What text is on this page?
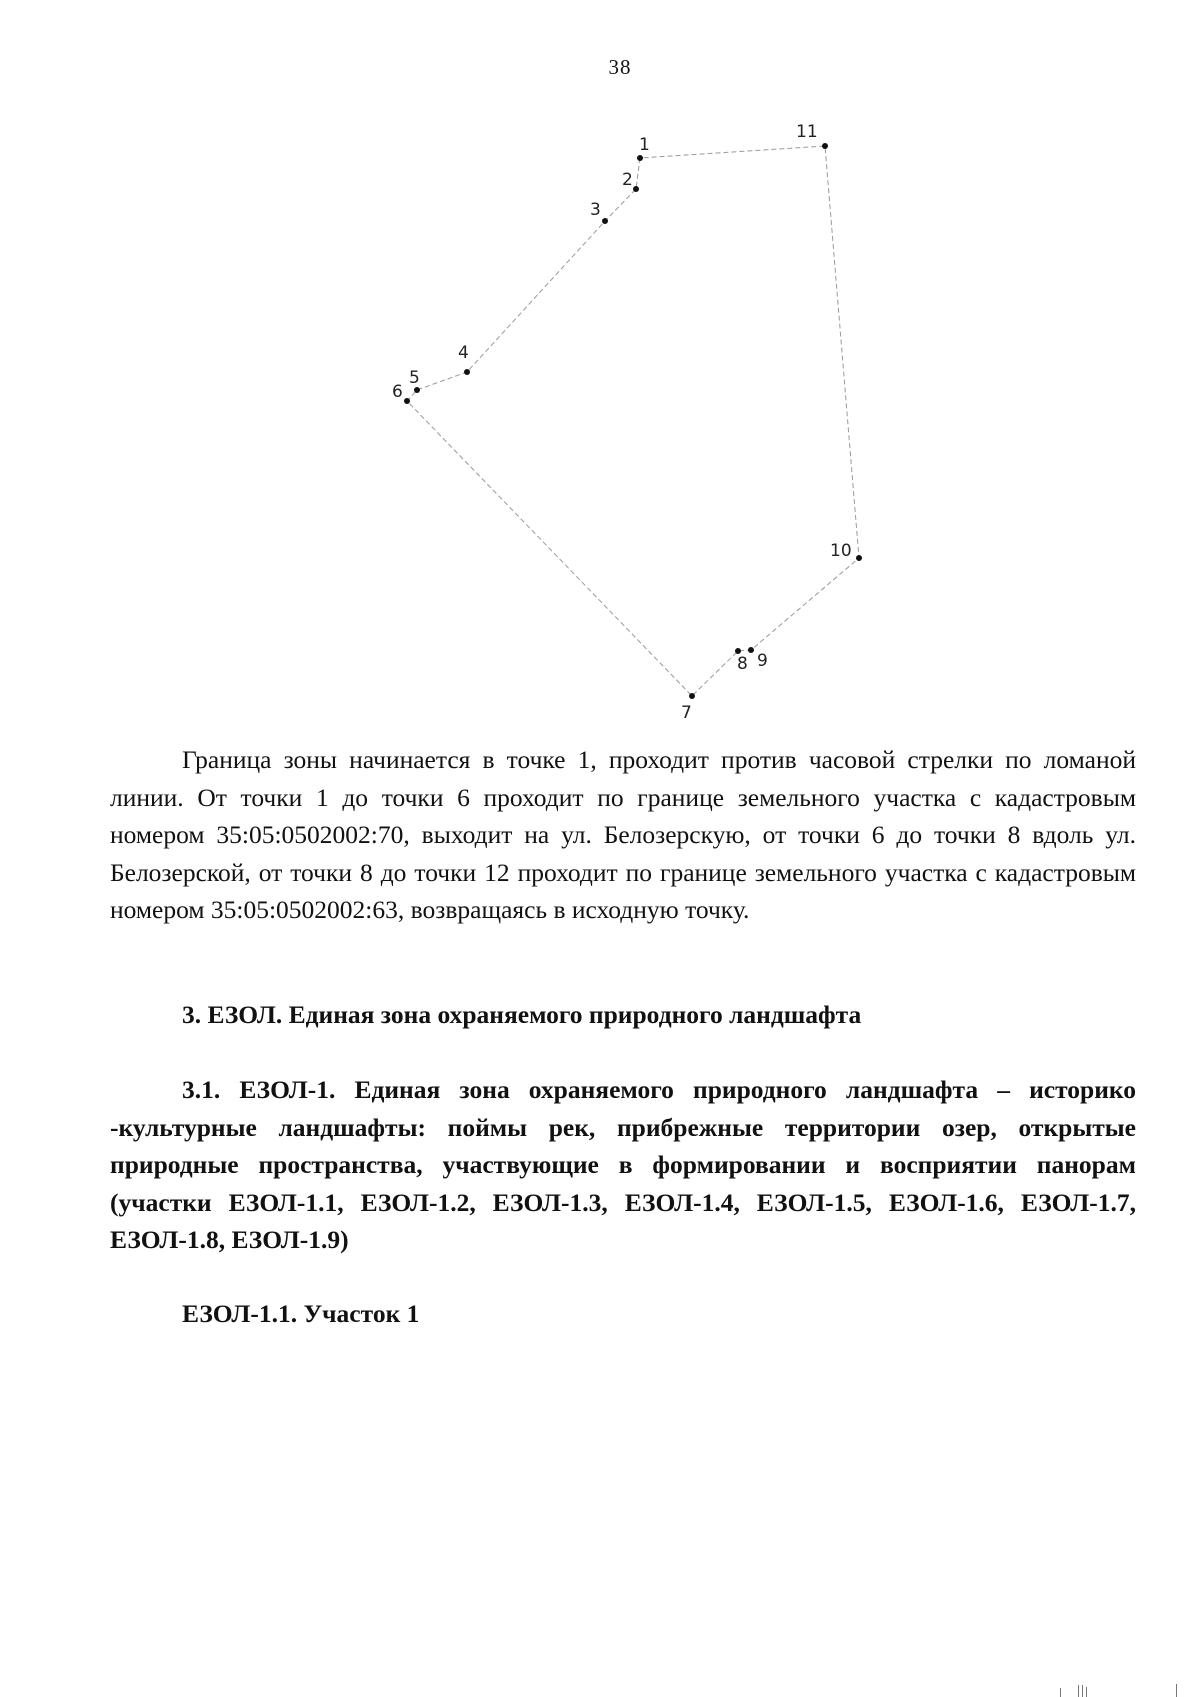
38
1
2
3
4
5
6
7
8 9
10
11

Граница зоны начинается в точке 1, проходит против часовой стрелки по ломаной линии. От точки 1 до точки 6 проходит по границе земельного участка с кадастровым номером 35:05:0502002:70, выходит на ул. Белозерскую, от точки 6 до точки 8 вдоль ул. Белозерской, от точки 8 до точки 12 проходит по границе земельного участка с кадастровым номером 35:05:0502002:63, возвращаясь в исходную точку.

3. ЕЗОЛ. Единая зона охраняемого природного ландшафта

3.1. ЕЗОЛ-1. Единая зона охраняемого природного ландшафта – историко -культурные ландшафты: поймы рек, прибрежные территории озер, открытые природные пространства, участвующие в формировании и восприятии панорам (участки ЕЗОЛ-1.1, ЕЗОЛ-1.2, ЕЗОЛ-1.3, ЕЗОЛ-1.4, ЕЗОЛ-1.5, ЕЗОЛ-1.6, ЕЗОЛ-1.7, ЕЗОЛ-1.8, ЕЗОЛ-1.9)

ЕЗОЛ-1.1. Участок 1
